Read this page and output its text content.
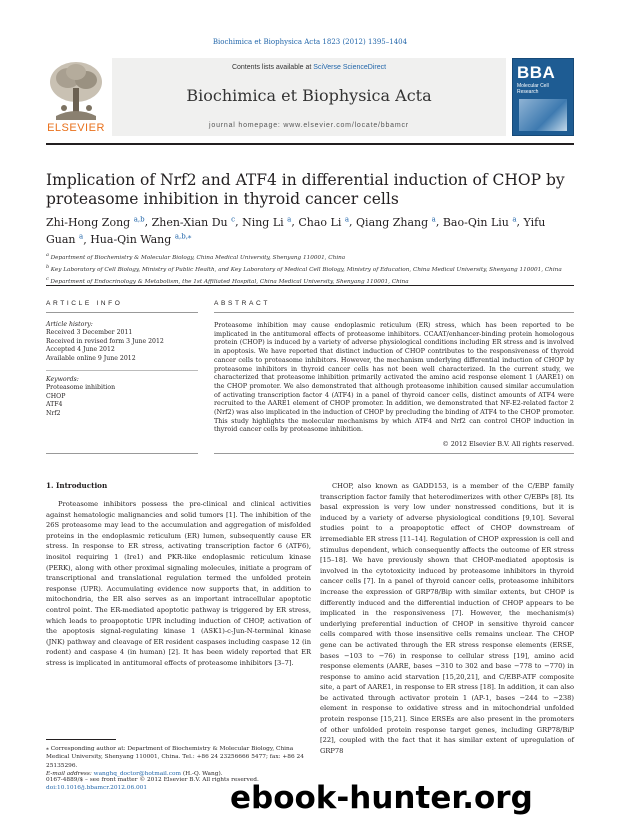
Biochimica et Biophysica Acta 1823 (2012) 1395–1404
ELSEVIER
Contents lists available at SciVerse ScienceDirect
Biochimica et Biophysica Acta
journal homepage: www.elsevier.com/locate/bbamcr
BBA
Molecular Cell Research
Implication of Nrf2 and ATF4 in differential induction of CHOP by proteasome inhibition in thyroid cancer cells
Zhi-Hong Zong $^{a,b}$, Zhen-Xian Du $^c$, Ning Li $^a$, Chao Li $^a$, Qiang Zhang $^a$, Bao-Qin Liu $^a$, Yifu Guan $^a$, Hua-Qin Wang $^{a,b,⁎}$
$^a$ Department of Biochemistry & Molecular Biology, China Medical University, Shenyang 110001, China
$^b$ Key Laboratory of Cell Biology, Ministry of Public Health, and Key Laboratory of Medical Cell Biology, Ministry of Education, China Medical University, Shenyang 110001, China
$^c$ Department of Endocrinology & Metabolism, the 1st Affiliated Hospital, China Medical University, Shenyang 110001, China
ARTICLE INFO	ABSTRACT
Article history:
Received 3 December 2011
Received in revised form 3 June 2012
Accepted 4 June 2012
Available online 9 June 2012
Keywords:
Proteasome inhibition
CHOP
ATF4
Nrf2
Proteasome inhibition may cause endoplasmic reticulum (ER) stress, which has been reported to be implicated in the antitumoral effects of proteasome inhibitors. CCAAT/enhancer-binding protein homologous protein (CHOP) is induced by a variety of adverse physiological conditions including ER stress and is involved in apoptosis. We have reported that distinct induction of CHOP contributes to the responsiveness of thyroid cancer cells to proteasome inhibitors. However, the mechanism underlying differential induction of CHOP by proteasome inhibitors in thyroid cancer cells has not been well characterized. In the current study, we characterized that proteasome inhibition primarily activated the amino acid response element 1 (AARE1) on the CHOP promoter. We also demonstrated that although proteasome inhibition caused similar accumulation of activating transcription factor 4 (ATF4) in a panel of thyroid cancer cells, distinct amounts of ATF4 were recruited to the AARE1 element of CHOP promoter. In addition, we demonstrated that NF-E2-related factor 2 (Nrf2) was also implicated in the induction of CHOP by precluding the binding of ATF4 to the CHOP promoter. This study highlights the molecular mechanisms by which ATF4 and Nrf2 can control CHOP induction in thyroid cancer cells by proteasome inhibition.
© 2012 Elsevier B.V. All rights reserved.
1. Introduction
Proteasome inhibitors possess the pre-clinical and clinical activities against hematologic malignancies and solid tumors [1]. The inhibition of the 26S proteasome may lead to the accumulation and aggregation of misfolded proteins in the endoplasmic reticulum (ER) lumen, subsequently cause ER stress. In response to ER stress, activating transcription factor 6 (ATF6), inositol requiring 1 (Ire1) and PKR-like endoplasmic reticulum kinase (PERK), along with other proximal signaling molecules, initiate a program of transcriptional and translational regulation termed the unfolded protein response (UPR). Accumulating evidence now supports that, in addition to mitochondria, the ER also serves as an important intracellular apoptotic control point. The ER-mediated apoptotic pathway is triggered by ER stress, which leads to proapoptotic UPR including induction of CHOP, activation of the apoptosis signal-regulating kinase 1 (ASK1)-c-Jun-N-terminal kinase (JNK) pathway and cleavage of ER resident caspases including caspase 12 (in rodent) and caspase 4 (in human) [2]. It has been widely reported that ER stress is implicated in antitumoral effects of proteasome inhibitors [3–7].
CHOP, also known as GADD153, is a member of the C/EBP family transcription factor family that heterodimerizes with other C/EBPs [8]. Its basal expression is very low under nonstressed conditions, but it is induced by a variety of adverse physiological conditions [9,10]. Several studies point to a proapoptotic effect of CHOP downstream of irremediable ER stress [11–14]. Regulation of CHOP expression is cell and stimulus dependent, which consequently affects the outcome of ER stress [15–18]. We have previously shown that CHOP-mediated apoptosis is involved in the cytotoxicity induced by proteasome inhibitors in thyroid cancer cells [7]. In a panel of thyroid cancer cells, proteasome inhibitors increase the expression of GRP78/Bip with similar extents, but CHOP is differently induced and the differential induction of CHOP appears to be implicated in the responsiveness [7]. However, the mechanism(s) underlying preferential induction of CHOP in sensitive thyroid cancer cells compared with those insensitive cells remains unclear. The CHOP gene can be activated through the ER stress response elements (ERSE, bases −103 to −76) in response to cellular stress [19], amino acid response elements (AARE, bases −310 to 302 and base −778 to −770) in response to amino acid starvation [15,20,21], and C/EBP-ATF composite site, a part of AARE1, in response to ER stress [18]. In addition, it can also be activated through activator protein 1 (AP-1, bases −244 to −238) element in response to oxidative stress and in mitochondrial unfolded protein response [15,21]. Since ERSEs are also present in the promoters of other unfolded protein response target genes, including GRP78/BiP [22], coupled with the fact that it has similar extent of upregulation of GRP78
⁎ Corresponding author at: Department of Biochemistry & Molecular Biology, China Medical University, Shenyang 110001, China. Tel.: +86 24 23256666 5477; fax: +86 24 25135296.
E-mail address: wanghq_doctor@hotmail.com (H.-Q. Wang).
0167-4889/$ – see front matter © 2012 Elsevier B.V. All rights reserved.
doi:10.1016/j.bbamcr.2012.06.001	ebook-hunter.org
